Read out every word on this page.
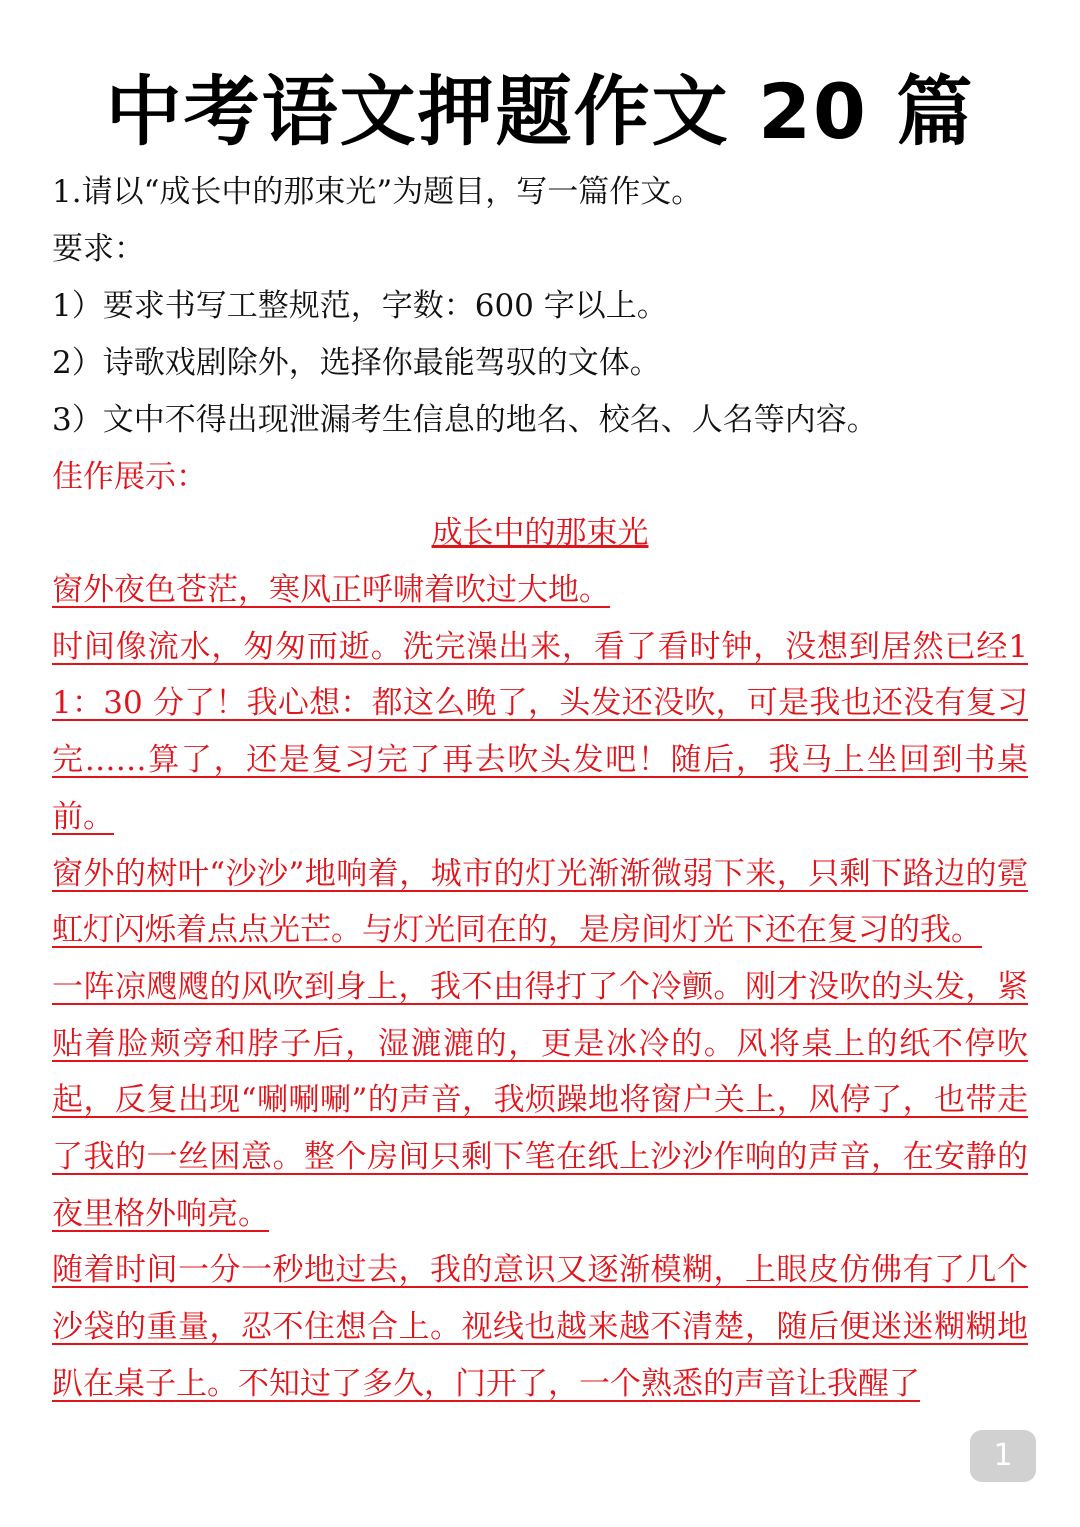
中考语文押题作文 20 篇
1.请以“成长中的那束光”为题目，写一篇作文。
要求：
1）要求书写工整规范，字数：600 字以上。
2）诗歌戏剧除外，选择你最能驾驭的文体。
3）文中不得出现泄漏考生信息的地名、校名、人名等内容。
佳作展示：
成长中的那束光
窗外夜色苍茫，寒风正呼啸着吹过大地。
时间像流水，匆匆而逝。洗完澡出来，看了看时钟，没想到居然已经11：30 分了！我心想：都这么晚了，头发还没吹，可是我也还没有复习完……算了，还是复习完了再去吹头发吧！随后，我马上坐回到书桌前。
窗外的树叶“沙沙”地响着，城市的灯光渐渐微弱下来，只剩下路边的霓虹灯闪烁着点点光芒。与灯光同在的，是房间灯光下还在复习的我。
一阵凉飕飕的风吹到身上，我不由得打了个冷颤。刚才没吹的头发，紧贴着脸颊旁和脖子后，湿漉漉的，更是冰冷的。风将桌上的纸不停吹起，反复出现“唰唰唰”的声音，我烦躁地将窗户关上，风停了，也带走了我的一丝困意。整个房间只剩下笔在纸上沙沙作响的声音，在安静的夜里格外响亮。
随着时间一分一秒地过去，我的意识又逐渐模糊，上眼皮仿佛有了几个沙袋的重量，忍不住想合上。视线也越来越不清楚，随后便迷迷糊糊地趴在桌子上。不知过了多久，门开了，一个熟悉的声音让我醒了
1
